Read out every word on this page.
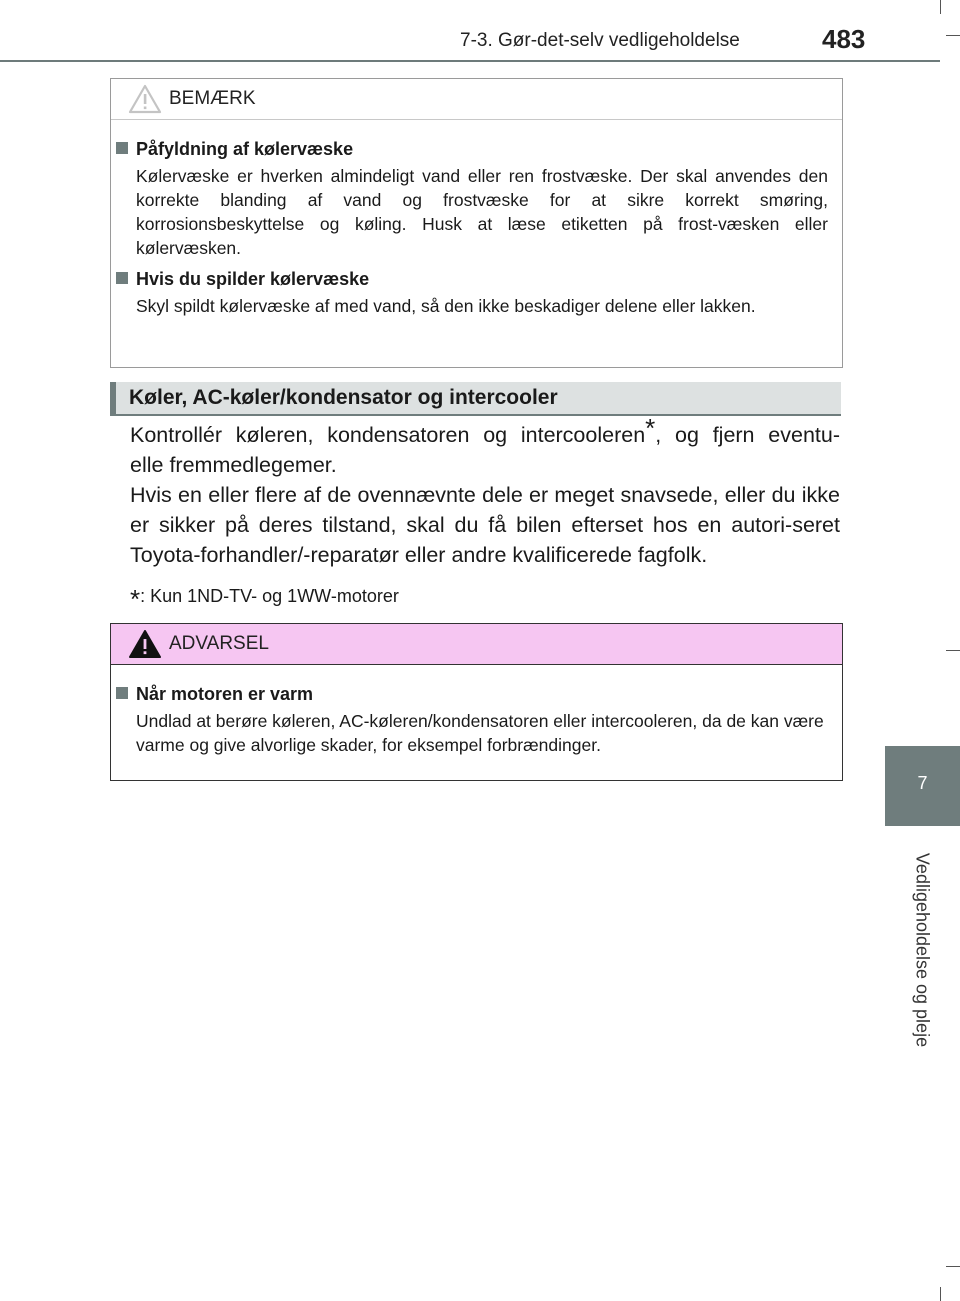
7-3. Gør-det-selv vedligeholdelse	483
7
Vedligeholdelse og pleje
BEMÆRK
Påfyldning af kølervæske
Kølervæske er hverken almindeligt vand eller ren frostvæske. Der skal anvendes den korrekte blanding af vand og frostvæske for at sikre korrekt smøring, korrosionsbeskyttelse og køling. Husk at læse etiketten på frost-væsken eller kølervæsken.
Hvis du spilder kølervæske
Skyl spildt kølervæske af med vand, så den ikke beskadiger delene eller lakken.
Køler, AC-køler/kondensator og intercooler

Kontrollér køleren, kondensatoren og intercooleren*, og fjern eventu-

elle fremmedlegemer.

Hvis en eller flere af de ovennævnte dele er meget snavsede, eller du ikke er sikker på deres tilstand, skal du få bilen efterset hos en autori-seret Toyota-forhandler/-reparatør eller andre kvalificerede fagfolk.

*: Kun 1ND-TV- og 1WW-motorer
ADVARSEL
Når motoren er varm
Undlad at berøre køleren, AC-køleren/kondensatoren eller intercooleren, da de kan være varme og give alvorlige skader, for eksempel forbrændinger.
